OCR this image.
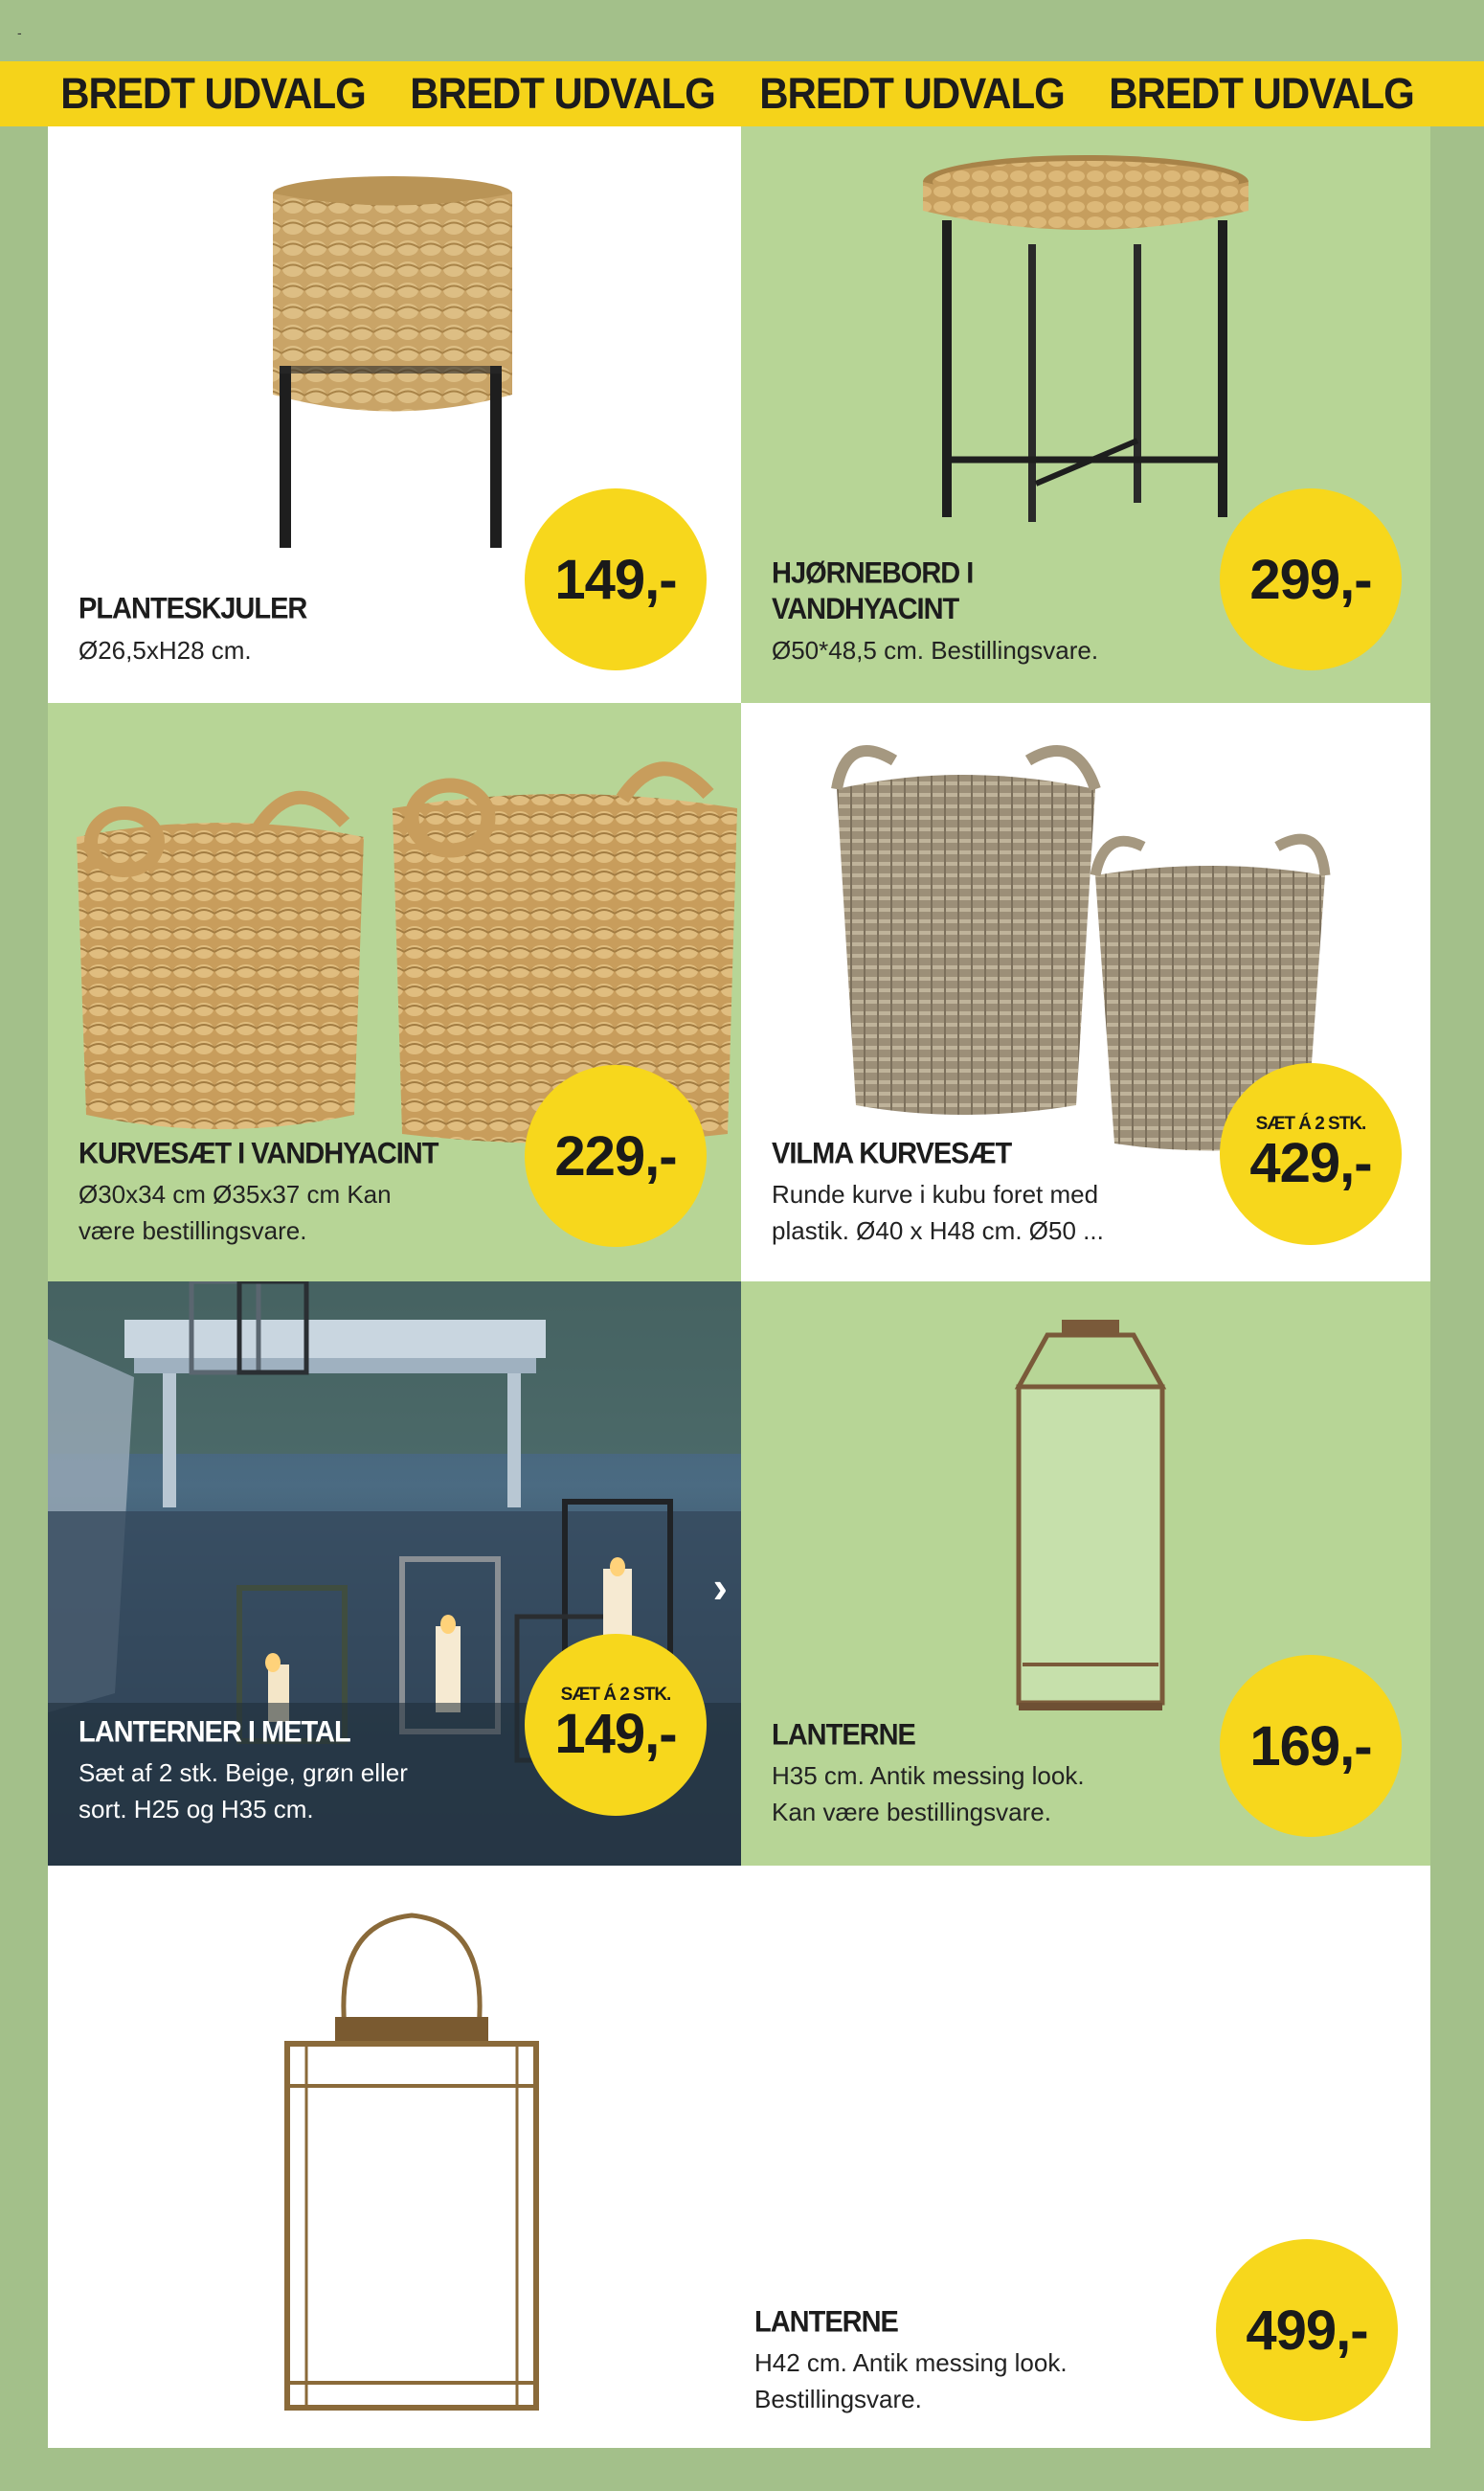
-
BREDT UDVALG BREDT UDVALG BREDT UDVALG BREDT UDVALG
PLANTESKJULER
Ø26,5xH28 cm.
149,-	HJØRNEBORD I
VANDHYACINT
Ø50*48,5 cm. Bestillingsvare.
299,-
KURVESÆT I VANDHYACINT
Ø30x34 cm Ø35x37 cm Kan
være bestillingsvare.
229,-	VILMA KURVESÆT
Runde kurve i kubu foret med
plastik. Ø40 x H48 cm. Ø50 ...
SÆT Á 2 STK.
429,-
›
LANTERNER I METAL
Sæt af 2 stk. Beige, grøn eller
sort. H25 og H35 cm.
SÆT Á 2 STK.
149,-	LANTERNE
H35 cm. Antik messing look.
Kan være bestillingsvare.
169,-
LANTERNE
H42 cm. Antik messing look.
Bestillingsvare.
499,-
